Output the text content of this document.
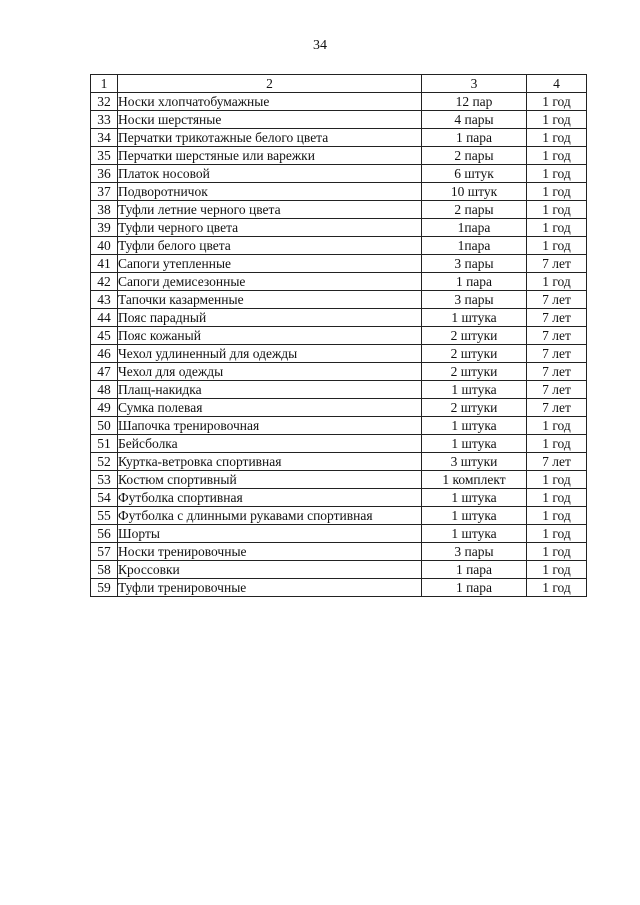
34
1	2	3	4
32	Носки хлопчатобумажные	12 пар	1 год
33	Носки шерстяные	4 пары	1 год
34	Перчатки трикотажные белого цвета	1 пара	1 год
35	Перчатки шерстяные или варежки	2 пары	1 год
36	Платок носовой	6 штук	1 год
37	Подворотничок	10 штук	1 год
38	Туфли летние черного цвета	2 пары	1 год
39	Туфли черного цвета	1пара	1 год
40	Туфли белого цвета	1пара	1 год
41	Сапоги утепленные	3 пары	7 лет
42	Сапоги демисезонные	1 пара	1 год
43	Тапочки казарменные	3 пары	7 лет
44	Пояс парадный	1 штука	7 лет
45	Пояс кожаный	2 штуки	7 лет
46	Чехол удлиненный для одежды	2 штуки	7 лет
47	Чехол для одежды	2 штуки	7 лет
48	Плащ-накидка	1 штука	7 лет
49	Сумка полевая	2 штуки	7 лет
50	Шапочка тренировочная	1 штука	1 год
51	Бейсболка	1 штука	1 год
52	Куртка-ветровка спортивная	3 штуки	7 лет
53	Костюм спортивный	1 комплект	1 год
54	Футболка спортивная	1 штука	1 год
55	Футболка с длинными рукавами спортивная	1 штука	1 год
56	Шорты	1 штука	1 год
57	Носки тренировочные	3 пары	1 год
58	Кроссовки	1 пара	1 год
59	Туфли тренировочные	1 пара	1 год
